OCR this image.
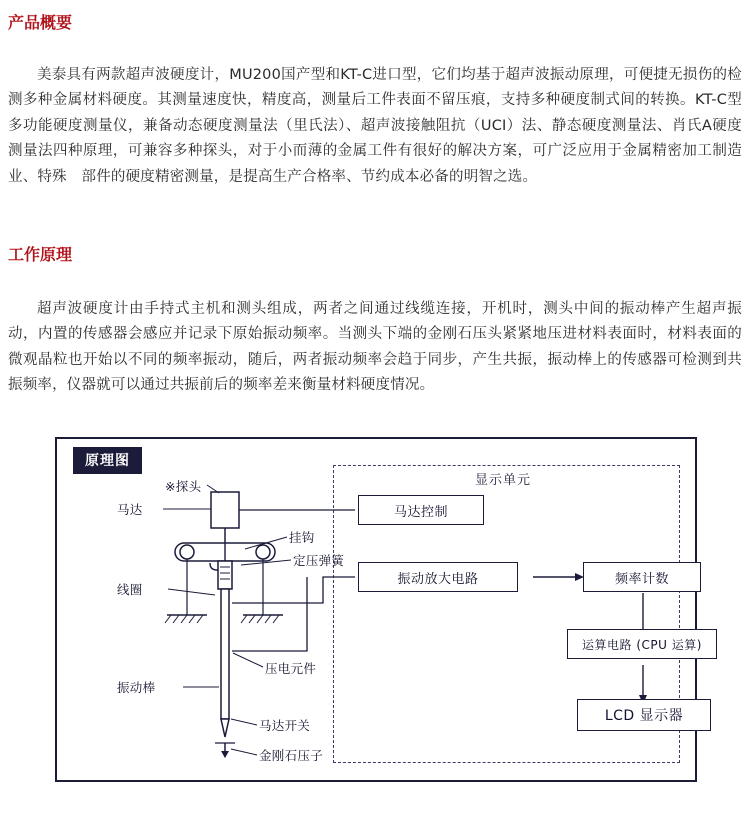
产品概要

美泰具有两款超声波硬度计，MU200国产型和KT-C进口型，它们均基于超声波振动原理，可便捷无损伤的检测多种金属材料硬度。其测量速度快，精度高，测量后工件表面不留压痕，支持多种硬度制式间的转换。KT-C型多功能硬度测量仪，兼备动态硬度测量法（里氏法）、超声波接触阻抗（UCI）法、静态硬度测量法、肖氏A硬度测量法四种原理，可兼容多种探头，对于小而薄的金属工件有很好的解决方案，可广泛应用于金属精密加工制造业、特殊　部件的硬度精密测量，是提高生产合格率、节约成本必备的明智之选。

工作原理

超声波硬度计由手持式主机和测头组成，两者之间通过线缆连接，开机时，测头中间的振动棒产生超声振动，内置的传感器会感应并记录下原始振动频率。当测头下端的金刚石压头紧紧地压进材料表面时，材料表面的微观晶粒也开始以不同的频率振动，随后，两者振动频率会趋于同步，产生共振，振动棒上的传感器可检测到共振频率，仪器就可以通过共振前后的频率差来衡量材料硬度情况。

原理图
显示单元
马达控制
振动放大电路	频率计数
运算电路 (CPU 运算)
LCD 显示器
※探头
马达
挂钩
定压弹簧
线圈
压电元件
振动棒
马达开关
金刚石压子
